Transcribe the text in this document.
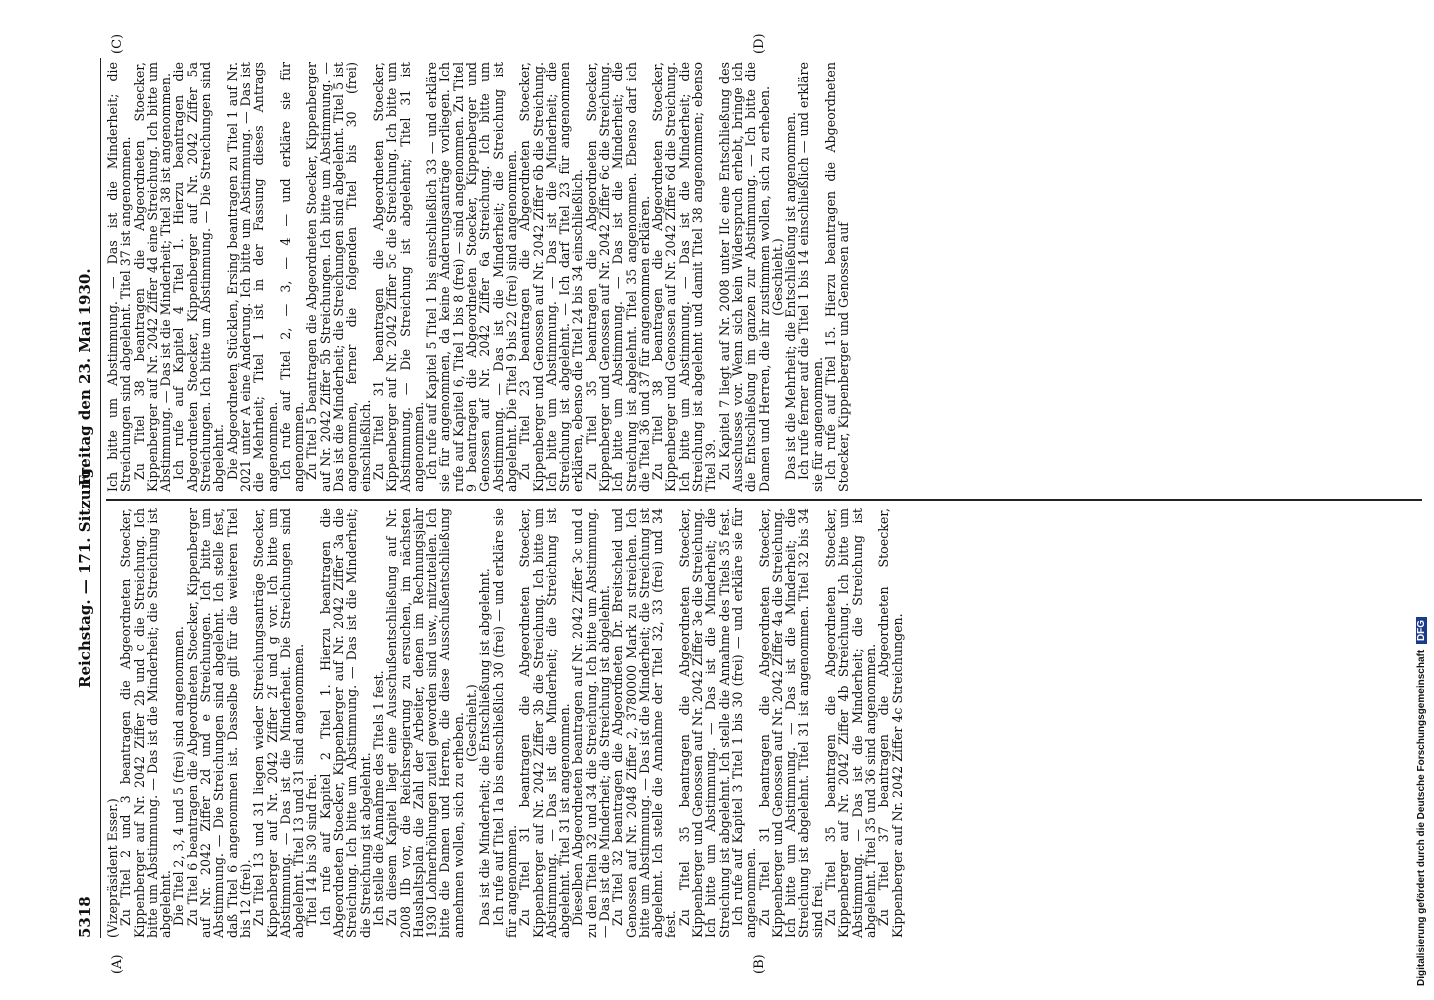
5318
Reichstag. — 171. Sitzung.
Freitag den 23. Mai 1930.
(A)	(B)
(C)	(D)

(Vizepräsident Esser.)

Zu Titel 2 und 3 beantragen die Abgeordneten Stoecker, Kippenberger auf Nr. 2042 Ziffer 2b und c die Streichung. Ich bitte um Abstimmung. — Das ist die Minderheit; die Streichung ist abgelehnt.

Die Titel 2, 3, 4 und 5 (frei) sind angenommen.

Zu Titel 6 beantragen die Abgeordneten Stoecker, Kippenberger auf Nr. 2042 Ziffer 2d und e Streichungen. Ich bitte um Abstimmung. — Die Streichungen sind abgelehnt. Ich stelle fest, daß Titel 6 angenommen ist. Dasselbe gilt für die weiteren Titel bis 12 (frei).

Zu Titel 13 und 31 liegen wieder Streichungsanträge Stoecker, Kippenberger auf Nr. 2042 Ziffer 2f und g vor. Ich bitte um Abstimmung. — Das ist die Minderheit. Die Streichungen sind abgelehnt. Titel 13 und 31 sind angenommen.

Titel 14 bis 30 sind frei.

Ich rufe auf Kapitel 2 Titel 1. Hierzu beantragen die Abgeordneten Stoecker, Kippenberger auf Nr. 2042 Ziffer 3a die Streichung. Ich bitte um Abstimmung. — Das ist die Minderheit; die Streichung ist abgelehnt.

Ich stelle die Annahme des Titels 1 fest.

Zu diesem Kapitel liegt eine Ausschußentschließung auf Nr. 2008 IIb vor, die Reichsregierung zu ersuchen, im nächsten Haushaltsplan die Zahl der Arbeiter, denen im Rechnungsjahr 1930 Lohnerhöhungen zuteil geworden sind usw., mitzuteilen. Ich bitte die Damen und Herren, die diese Ausschußentschließung annehmen wollen, sich zu erheben.

(Geschieht.)

Das ist die Minderheit; die Entschließung ist abgelehnt.

Ich rufe auf Titel 1a bis einschließlich 30 (frei) — und erkläre sie für angenommen.

Zu Titel 31 beantragen die Abgeordneten Stoecker, Kippenberger auf Nr. 2042 Ziffer 3b die Streichung. Ich bitte um Abstimmung. — Das ist die Minderheit; die Streichung ist abgelehnt. Titel 31 ist angenommen.

Dieselben Abgeordneten beantragen auf Nr. 2042 Ziffer 3c und d zu den Titeln 32 und 34 die Streichung. Ich bitte um Abstimmung. — Das ist die Minderheit; die Streichung ist abgelehnt.

Zu Titel 32 beantragen die Abgeordneten Dr. Breitscheid und Genossen auf Nr. 2048 Ziffer 2, 3780000 Mark zu streichen. Ich bitte um Abstimmung. — Das ist die Minderheit; die Streichung ist abgelehnt. Ich stelle die Annahme der Titel 32, 33 (frei) und 34 fest.

Zu Titel 35 beantragen die Abgeordneten Stoecker, Kippenberger und Genossen auf Nr. 2042 Ziffer 3e die Streichung. Ich bitte um Abstimmung. — Das ist die Minderheit; die Streichung ist abgelehnt. Ich stelle die Annahme des Titels 35 fest.

Ich rufe auf Kapitel 3 Titel 1 bis 30 (frei) — und erkläre sie für angenommen.

Zu Titel 31 beantragen die Abgeordneten Stoecker, Kippenberger und Genossen auf Nr. 2042 Ziffer 4a die Streichung. Ich bitte um Abstimmung. — Das ist die Minderheit; die Streichung ist abgelehnt. Titel 31 ist angenommen. Titel 32 bis 34 sind frei.

Zu Titel 35 beantragen die Abgeordneten Stoecker, Kippenberger auf Nr. 2042 Ziffer 4b Streichung. Ich bitte um Abstimmung. — Das ist die Minderheit; die Streichung ist abgelehnt. Titel 35 und 36 sind angenommen.

Zu Titel 37 beantragen die Abgeordneten Stoecker, Kippenberger auf Nr. 2042 Ziffer 4c Streichungen.

Ich bitte um Abstimmung. — Das ist die Minderheit; die Streichungen sind abgelehnt. Titel 37 ist angenommen.

Zu Titel 38 beantragen die Abgeordneten Stoecker, Kippenberger auf Nr. 2042 Ziffer 4d eine Streichung. Ich bitte um Abstimmung. — Das ist die Minderheit; Titel 38 ist angenommen.

Ich rufe auf Kapitel 4 Titel 1. Hierzu beantragen die Abgeordneten Stoecker, Kippenberger auf Nr. 2042 Ziffer 5a Streichungen. Ich bitte um Abstimmung. — Die Streichungen sind abgelehnt.

Die Abgeordneten Stücklen, Ersing beantragen zu Titel 1 auf Nr. 2021 unter A eine Änderung. Ich bitte um Abstimmung. — Das ist die Mehrheit; Titel 1 ist in der Fassung dieses Antrags angenommen.

Ich rufe auf Titel 2, — 3, — 4 — und erkläre sie für angenommen.

Zu Titel 5 beantragen die Abgeordneten Stoecker, Kippenberger auf Nr. 2042 Ziffer 5b Streichungen. Ich bitte um Abstimmung. — Das ist die Minderheit; die Streichungen sind abgelehnt. Titel 5 ist angenommen, ferner die folgenden Titel bis 30 (frei) einschließlich.

Zu Titel 31 beantragen die Abgeordneten Stoecker, Kippenberger auf Nr. 2042 Ziffer 5c die Streichung. Ich bitte um Abstimmung. — Die Streichung ist abgelehnt; Titel 31 ist angenommen.

Ich rufe auf Kapitel 5 Titel 1 bis einschließlich 33 — und erkläre sie für angenommen, da keine Änderungsanträge vorliegen. Ich rufe auf Kapitel 6, Titel 1 bis 8 (frei) — sind angenommen. Zu Titel 9 beantragen die Abgeordneten Stoecker, Kippenberger und Genossen auf Nr. 2042 Ziffer 6a Streichung. Ich bitte um Abstimmung. — Das ist die Minderheit; die Streichung ist abgelehnt. Die Titel 9 bis 22 (frei) sind angenommen.

Zu Titel 23 beantragen die Abgeordneten Stoecker, Kippenberger und Genossen auf Nr. 2042 Ziffer 6b die Streichung. Ich bitte um Abstimmung. — Das ist die Minderheit; die Streichung ist abgelehnt. — Ich darf Titel 23 für angenommen erklären, ebenso die Titel 24 bis 34 einschließlich.

Zu Titel 35 beantragen die Abgeordneten Stoecker, Kippenberger und Genossen auf Nr. 2042 Ziffer 6c die Streichung. Ich bitte um Abstimmung. — Das ist die Minderheit; die Streichung ist abgelehnt. Titel 35 angenommen. Ebenso darf ich die Titel 36 und 37 für angenommen erklären.

Zu Titel 38 beantragen die Abgeordneten Stoecker, Kippenberger und Genossen auf Nr. 2042 Ziffer 6d die Streichung. Ich bitte um Abstimmung. — Das ist die Minderheit; die Streichung ist abgelehnt und damit Titel 38 angenommen; ebenso Titel 39.

Zu Kapitel 7 liegt auf Nr. 2008 unter IIc eine Entschließung des Ausschusses vor. Wenn sich kein Widerspruch erhebt, bringe ich die Entschließung im ganzen zur Abstimmung. — Ich bitte die Damen und Herren, die ihr zustimmen wollen, sich zu erheben.

(Geschieht.)

Das ist die Mehrheit; die Entschließung ist angenommen.

Ich rufe ferner auf die Titel 1 bis 14 einschließlich — und erkläre sie für angenommen.

Ich rufe auf Titel 15. Hierzu beantragen die Abgeordneten Stoecker, Kippenberger und Genossen auf

Digitalisierung gefördert durch die Deutsche Forschungsgemeinschaft DFG
